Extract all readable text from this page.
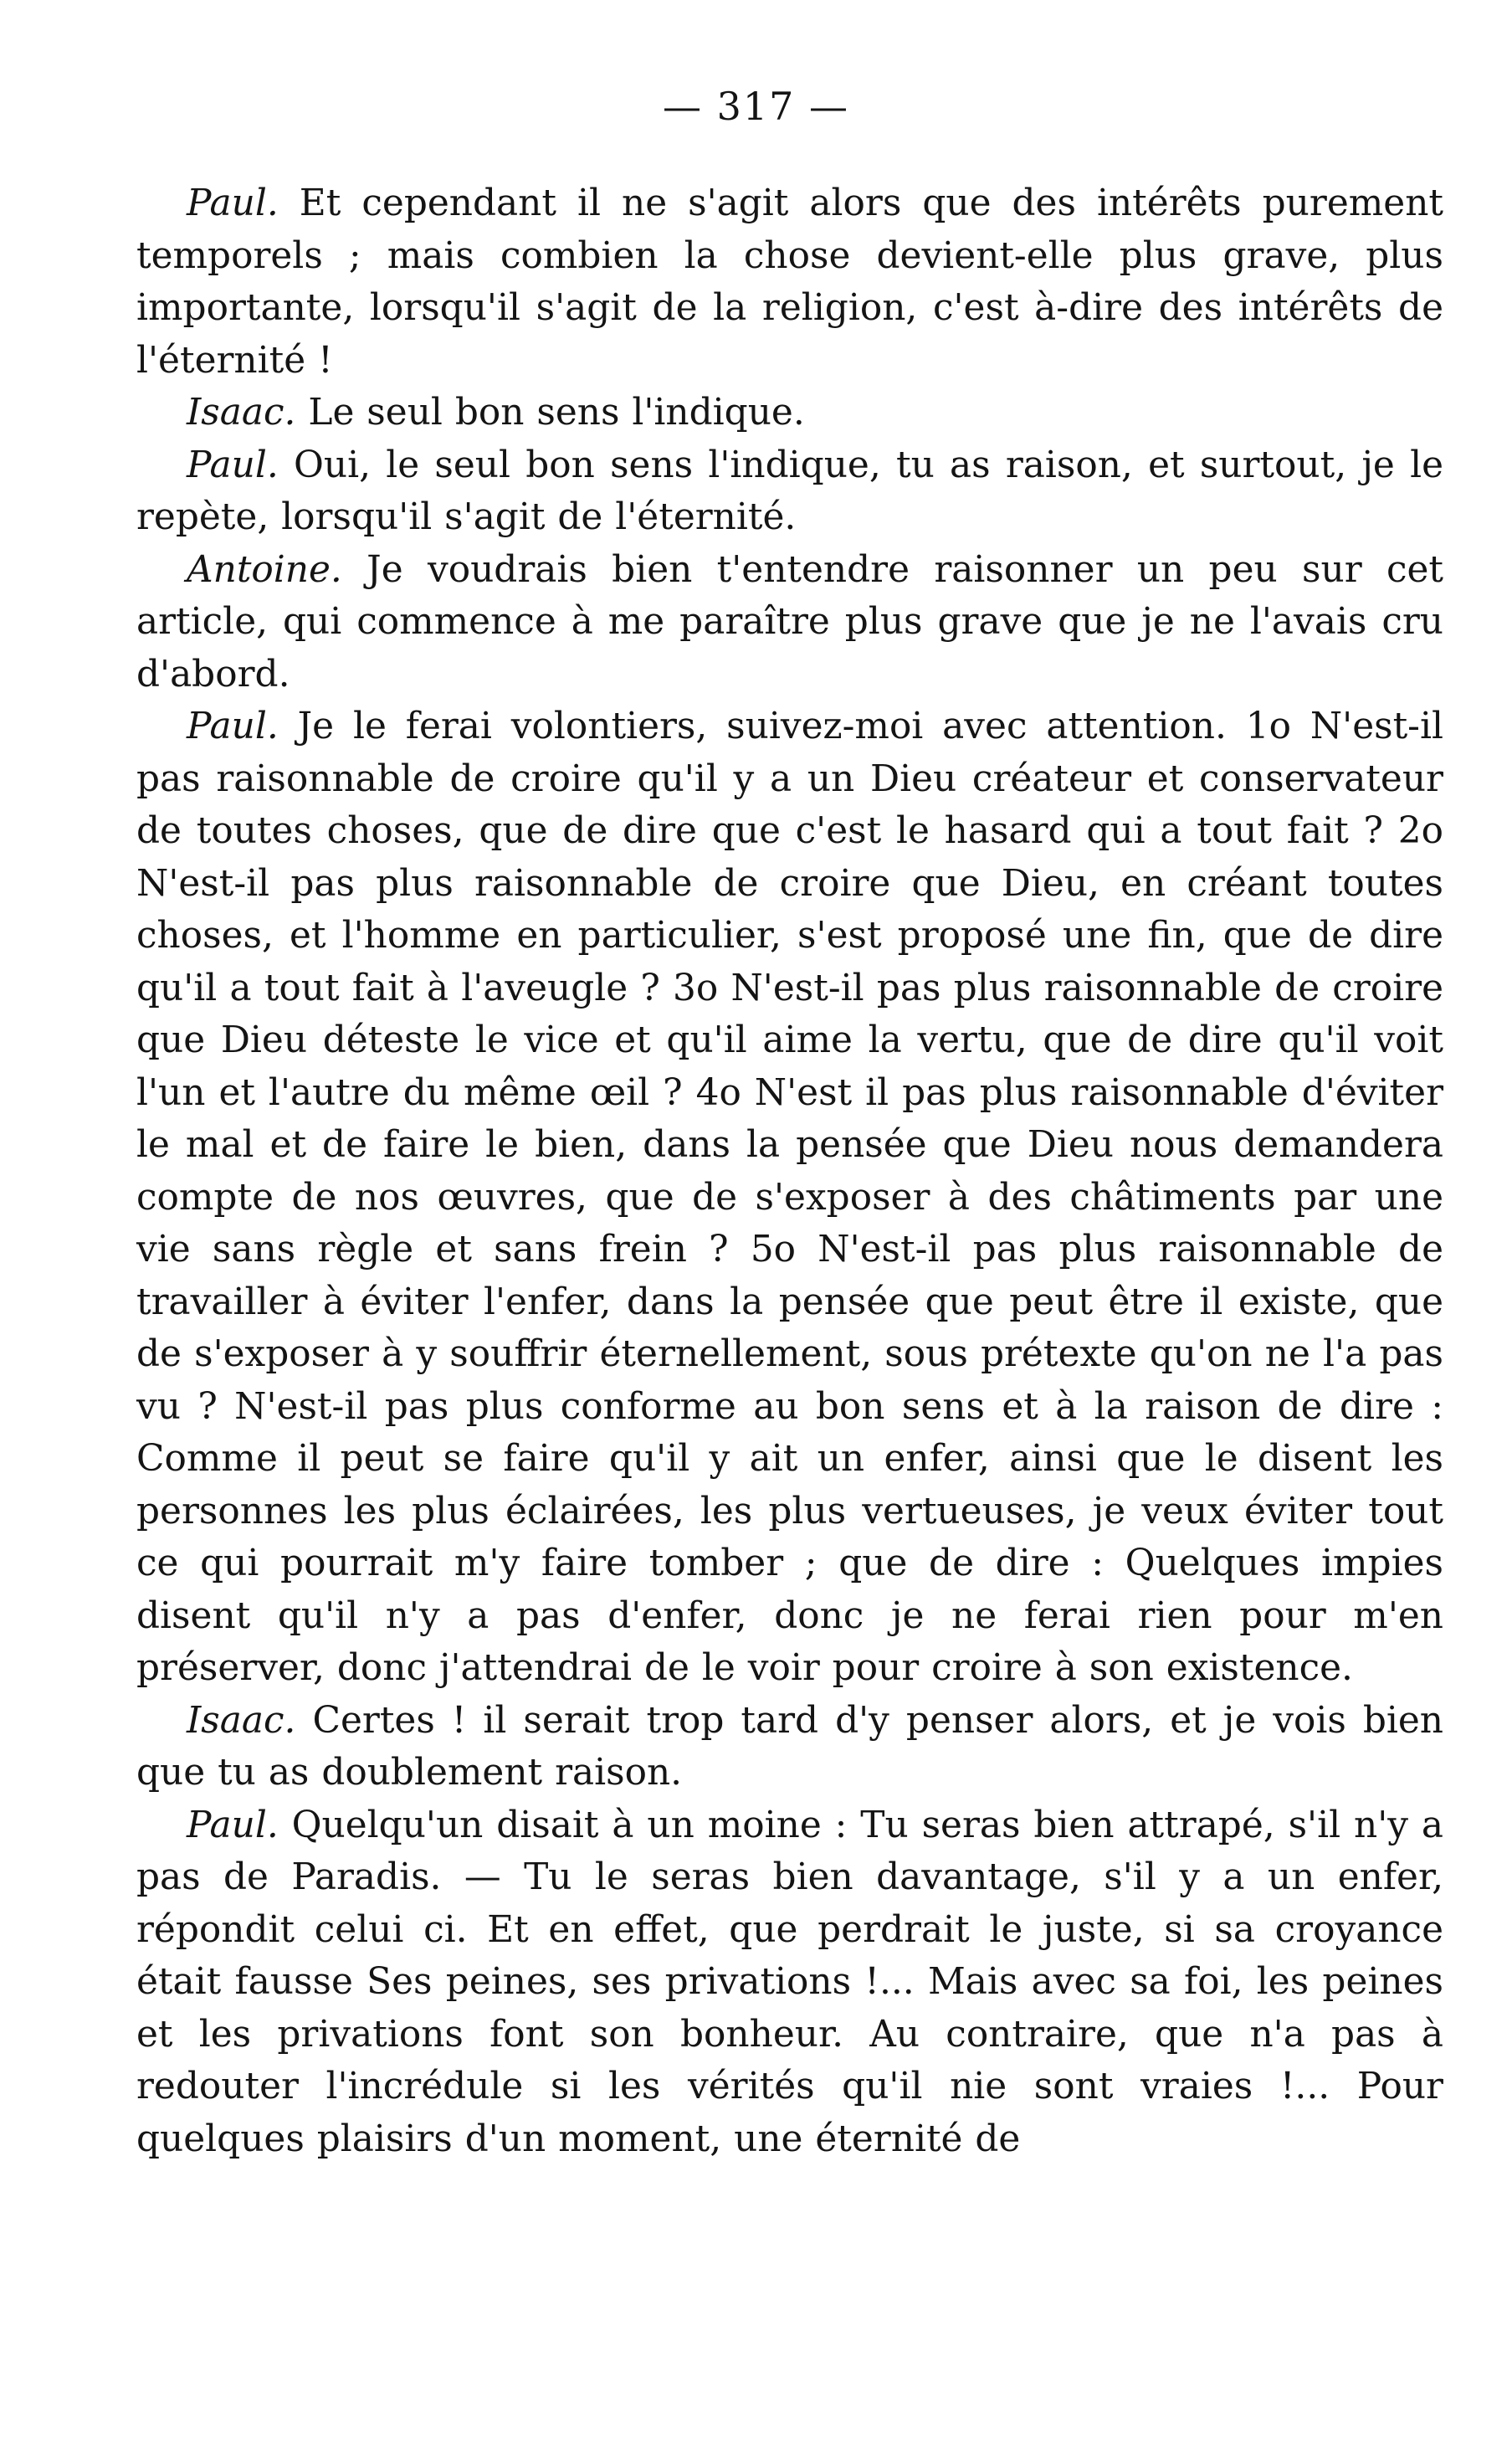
— 317 —

Paul. Et cependant il ne s'agit alors que des intérêts purement temporels ; mais combien la chose devient-elle plus grave, plus importante, lorsqu'il s'agit de la religion, c'est à-dire des intérêts de l'éternité !

Isaac. Le seul bon sens l'indique.

Paul. Oui, le seul bon sens l'indique, tu as raison, et surtout, je le repète, lorsqu'il s'agit de l'éternité.

Antoine. Je voudrais bien t'entendre raisonner un peu sur cet article, qui commence à me paraître plus grave que je ne l'avais cru d'abord.

Paul. Je le ferai volontiers, suivez-moi avec attention. 1o N'est-il pas raisonnable de croire qu'il y a un Dieu créateur et conservateur de toutes choses, que de dire que c'est le hasard qui a tout fait ? 2o N'est-il pas plus raisonnable de croire que Dieu, en créant toutes choses, et l'homme en particulier, s'est proposé une fin, que de dire qu'il a tout fait à l'aveugle ? 3o N'est-il pas plus raisonnable de croire que Dieu déteste le vice et qu'il aime la vertu, que de dire qu'il voit l'un et l'autre du même œil ? 4o N'est il pas plus raisonnable d'éviter le mal et de faire le bien, dans la pensée que Dieu nous demandera compte de nos œuvres, que de s'exposer à des châtiments par une vie sans règle et sans frein ? 5o N'est-il pas plus raisonnable de travailler à éviter l'enfer, dans la pensée que peut être il existe, que de s'exposer à y souffrir éternellement, sous prétexte qu'on ne l'a pas vu ? N'est-il pas plus conforme au bon sens et à la raison de dire : Comme il peut se faire qu'il y ait un enfer, ainsi que le disent les personnes les plus éclairées, les plus vertueuses, je veux éviter tout ce qui pourrait m'y faire tomber ; que de dire : Quelques impies disent qu'il n'y a pas d'enfer, donc je ne ferai rien pour m'en préserver, donc j'attendrai de le voir pour croire à son existence.

Isaac. Certes ! il serait trop tard d'y penser alors, et je vois bien que tu as doublement raison.

Paul. Quelqu'un disait à un moine : Tu seras bien attrapé, s'il n'y a pas de Paradis. — Tu le seras bien davantage, s'il y a un enfer, répondit celui ci. Et en effet, que perdrait le juste, si sa croyance était fausse Ses peines, ses privations !... Mais avec sa foi, les peines et les privations font son bonheur. Au contraire, que n'a pas à redouter l'incrédule si les vérités qu'il nie sont vraies !... Pour quelques plaisirs d'un moment, une éternité de
